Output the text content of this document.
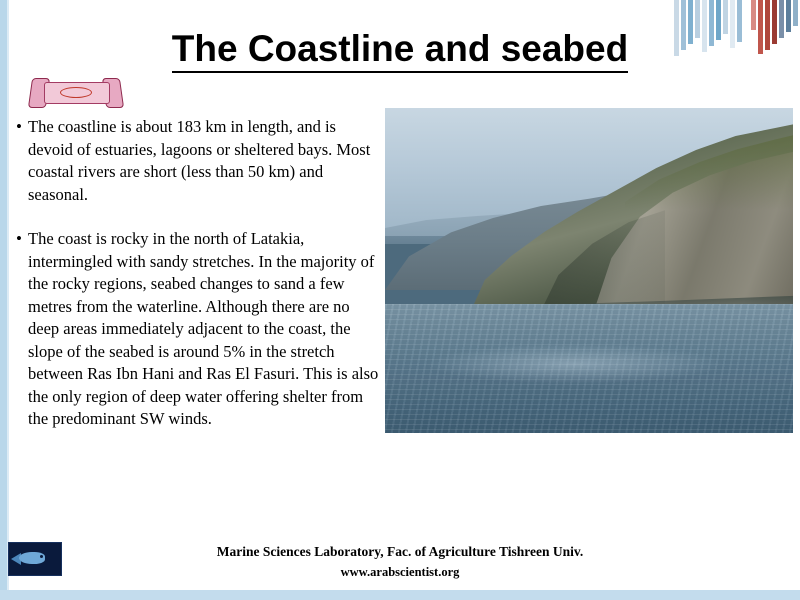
The Coastline and seabed
• The coastline is about 183 km in length, and is devoid of estuaries, lagoons or sheltered bays. Most coastal rivers are short (less than 50 km) and seasonal.
• The coast is rocky in the north of Latakia, intermingled with sandy stretches. In the majority of the rocky regions, seabed changes to sand a few metres from the waterline. Although there are no deep areas immediately adjacent to the coast, the slope of the seabed is around 5% in the stretch between Ras Ibn Hani and Ras El Fasuri. This is also the only region of deep water offering shelter from the predominant SW winds.
Marine Sciences Laboratory, Fac. of Agriculture Tishreen Univ.
www.arabscientist.org
